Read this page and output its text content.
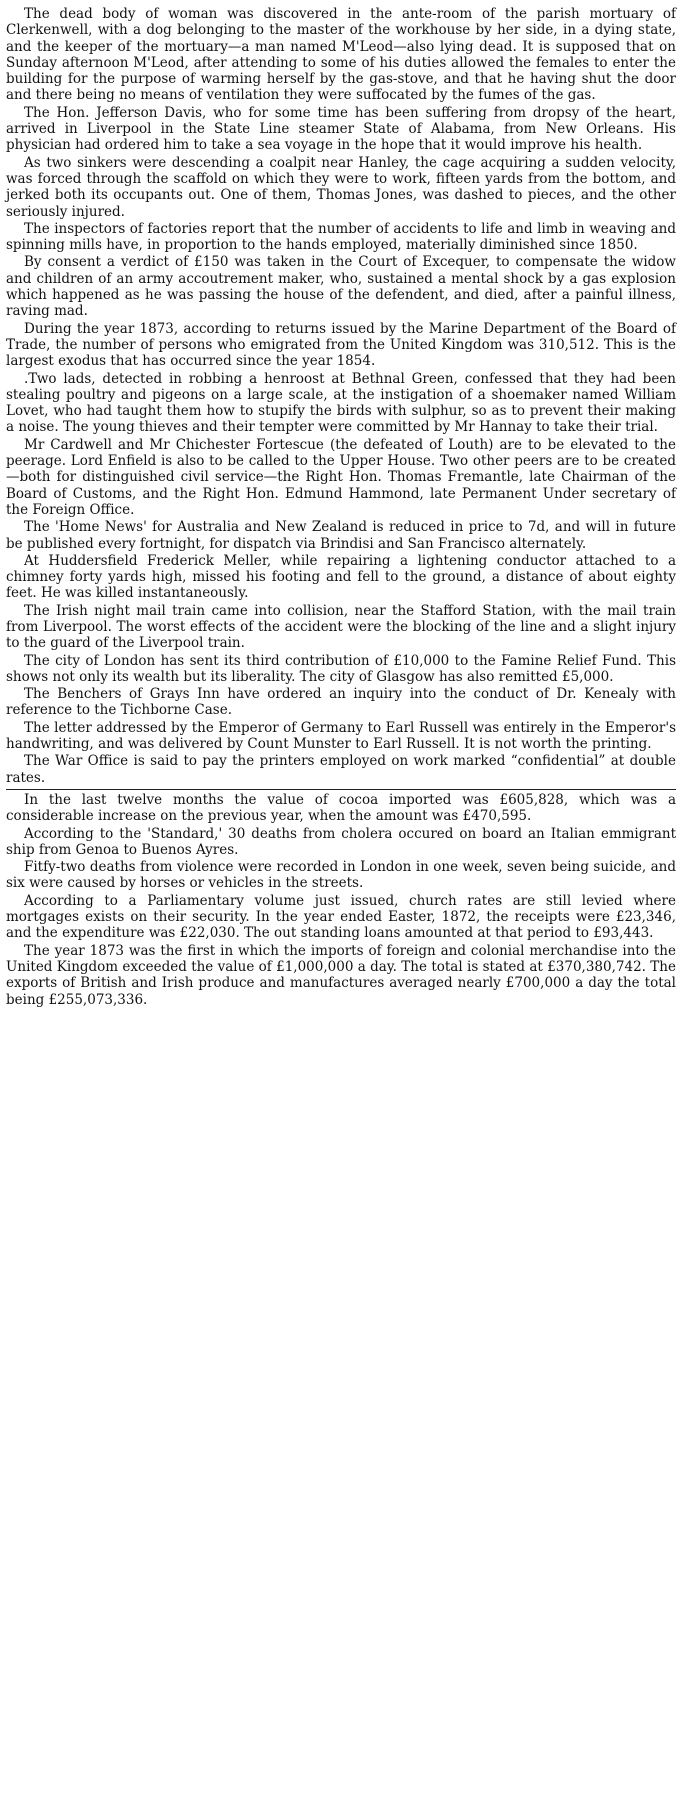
The dead body of woman was discovered in the ante-room of the parish mortuary of Clerkenwell, with a dog belonging to the master of the workhouse by her side, in a dying state, and the keeper of the mortuary—a man named M'Leod—also lying dead. It is supposed that on Sunday afternoon M'Leod, after attending to some of his duties allowed the females to enter the building for the purpose of warming herself by the gas-stove, and that he having shut the door and there being no means of ventilation they were suffocated by the fumes of the gas.

The Hon. Jefferson Davis, who for some time has been suffering from dropsy of the heart, arrived in Liverpool in the State Line steamer State of Alabama, from New Orleans. His physician had ordered him to take a sea voyage in the hope that it would improve his health.

As two sinkers were descending a coalpit near Hanley, the cage acquiring a sudden velocity, was forced through the scaffold on which they were to work, fifteen yards from the bottom, and jerked both its occupants out. One of them, Thomas Jones, was dashed to pieces, and the other seriously injured.

The inspectors of factories report that the number of accidents to life and limb in weaving and spinning mills have, in proportion to the hands employed, materially diminished since 1850.

By consent a verdict of £150 was taken in the Court of Excequer, to compensate the widow and children of an army accoutrement maker, who, sustained a mental shock by a gas explosion which happened as he was passing the house of the defendent, and died, after a painful illness, raving mad.

During the year 1873, according to returns issued by the Marine Department of the Board of Trade, the number of persons who emigrated from the United Kingdom was 310,512. This is the largest exodus that has occurred since the year 1854.

.Two lads, detected in robbing a henroost at Bethnal Green, confessed that they had been stealing poultry and pigeons on a large scale, at the instigation of a shoemaker named William Lovet, who had taught them how to stupify the birds with sulphur, so as to prevent their making a noise. The young thieves and their tempter were committed by Mr Hannay to take their trial.

Mr Cardwell and Mr Chichester Fortescue (the defeated of Louth) are to be elevated to the peerage. Lord Enfield is also to be called to the Upper House. Two other peers are to be created—both for distinguished civil service—the Right Hon. Thomas Fremantle, late Chairman of the Board of Customs, and the Right Hon. Edmund Hammond, late Permanent Under secretary of the Foreign Office.

The 'Home News' for Australia and New Zealand is reduced in price to 7d, and will in future be published every fortnight, for dispatch via Brindisi and San Francisco alternately.

At Huddersfield Frederick Meller, while repairing a lightening conductor attached to a chimney forty yards high, missed his footing and fell to the ground, a distance of about eighty feet. He was killed instantaneously.

The Irish night mail train came into collision, near the Stafford Station, with the mail train from Liverpool. The worst effects of the accident were the blocking of the line and a slight injury to the guard of the Liverpool train.

The city of London has sent its third contribution of £10,000 to the Famine Relief Fund. This shows not only its wealth but its liberality. The city of Glasgow has also remitted £5,000.

The Benchers of Grays Inn have ordered an inquiry into the conduct of Dr. Kenealy with reference to the Tichborne Case.

The letter addressed by the Emperor of Germany to Earl Russell was entirely in the Emperor's handwriting, and was delivered by Count Munster to Earl Russell. It is not worth the printing.

The War Office is said to pay the printers employed on work marked “confidential” at double rates.

In the last twelve months the value of cocoa imported was £605,828, which was a considerable increase on the previous year, when the amount was £470,595.

According to the 'Standard,' 30 deaths from cholera occured on board an Italian emmigrant ship from Genoa to Buenos Ayres.

Fitfy-two deaths from violence were recorded in London in one week, seven being suicide, and six were caused by horses or vehicles in the streets.

According to a Parliamentary volume just issued, church rates are still levied where mortgages exists on their security. In the year ended Easter, 1872, the receipts were £23,346, and the expenditure was £22,030. The out standing loans amounted at that period to £93,443.

The year 1873 was the first in which the imports of foreign and colonial merchandise into the United Kingdom exceeded the value of £1,000,000 a day. The total is stated at £370,380,742. The exports of British and Irish produce and manufactures averaged nearly £700,000 a day the total being £255,073,336.
